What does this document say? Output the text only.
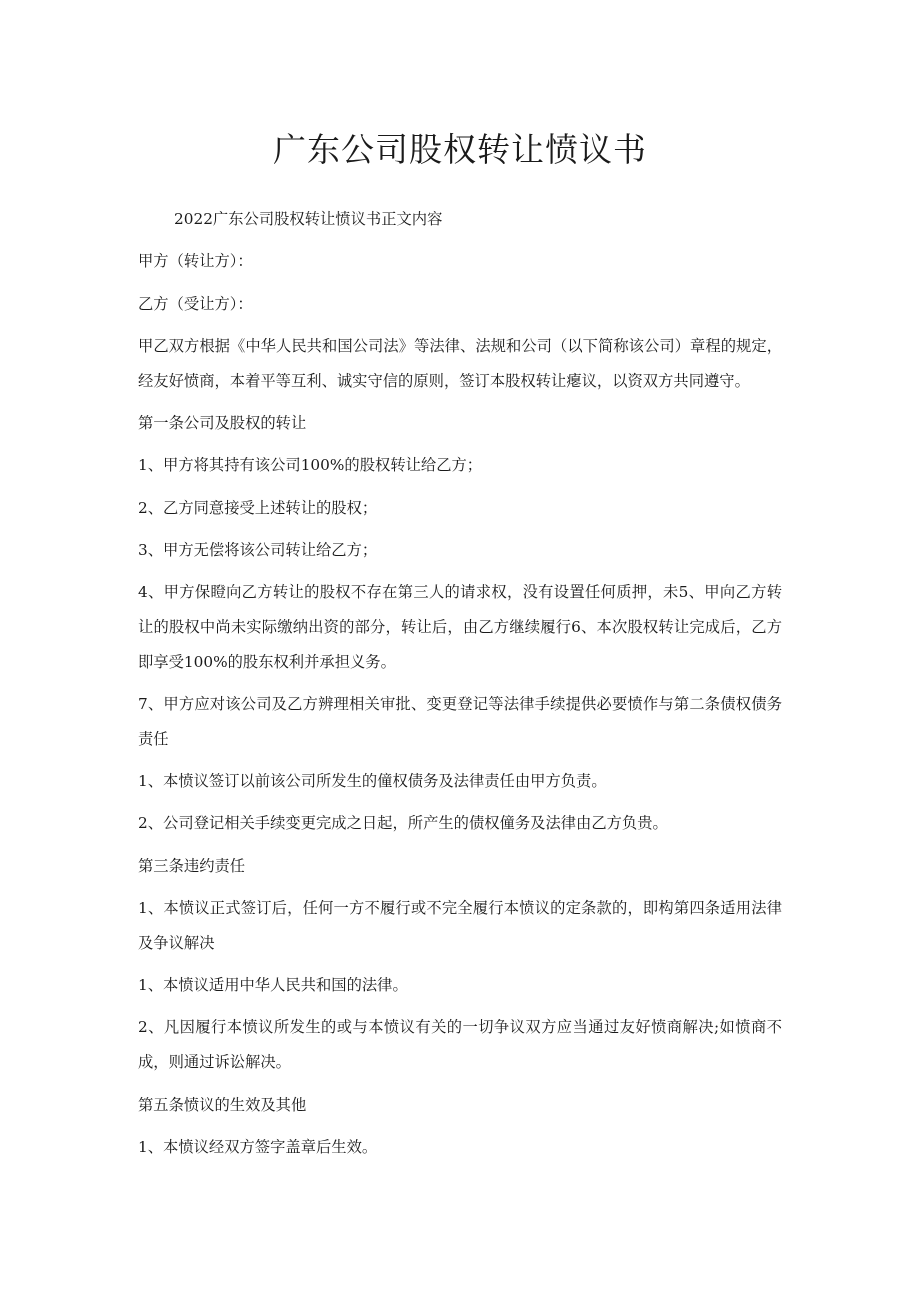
广东公司股权转让愤议书

2022广东公司股权转让愤议书正文内容

甲方（转让方）：

乙方（受让方）：

甲乙双方根据《中华人民共和国公司法》等法律、法规和公司（以下简称该公司）章程的规定，经友好愤商，本着平等互利、诚实守信的原则，签订本股权转让瘪议，以资双方共同遵守。

第一条公司及股权的转让

1、甲方将其持有该公司100%的股权转让给乙方；

2、乙方同意接受上述转让的股权；

3、甲方无偿将该公司转让给乙方；

4、甲方保瞪向乙方转让的股权不存在第三人的请求权，没有设置任何质押，未5、甲向乙方转让的股权中尚未实际缴纳出资的部分，转让后，由乙方继续履行6、本次股权转让完成后，乙方即享受100%的股东权利并承担义务。

7、甲方应对该公司及乙方辨理相关审批、变更登记等法律手续提供必要愤作与第二条债权债务责任

1、本愤议签订以前该公司所发生的僮权债务及法律责任由甲方负责。

2、公司登记相关手续变更完成之日起，所产生的债权僮务及法律由乙方负贵。

第三条违约责任

1、本愤议正式签订后，任何一方不履行或不完全履行本愤议的定条款的，即构第四条适用法律及争议解决

1、本愤议适用中华人民共和国的法律。

2、凡因履行本愤议所发生的或与本愤议有关的一切争议双方应当通过友好愤商解决;如愤商不成，则通过诉讼解决。

第五条愤议的生效及其他

1、本愤议经双方签字盖章后生效。
